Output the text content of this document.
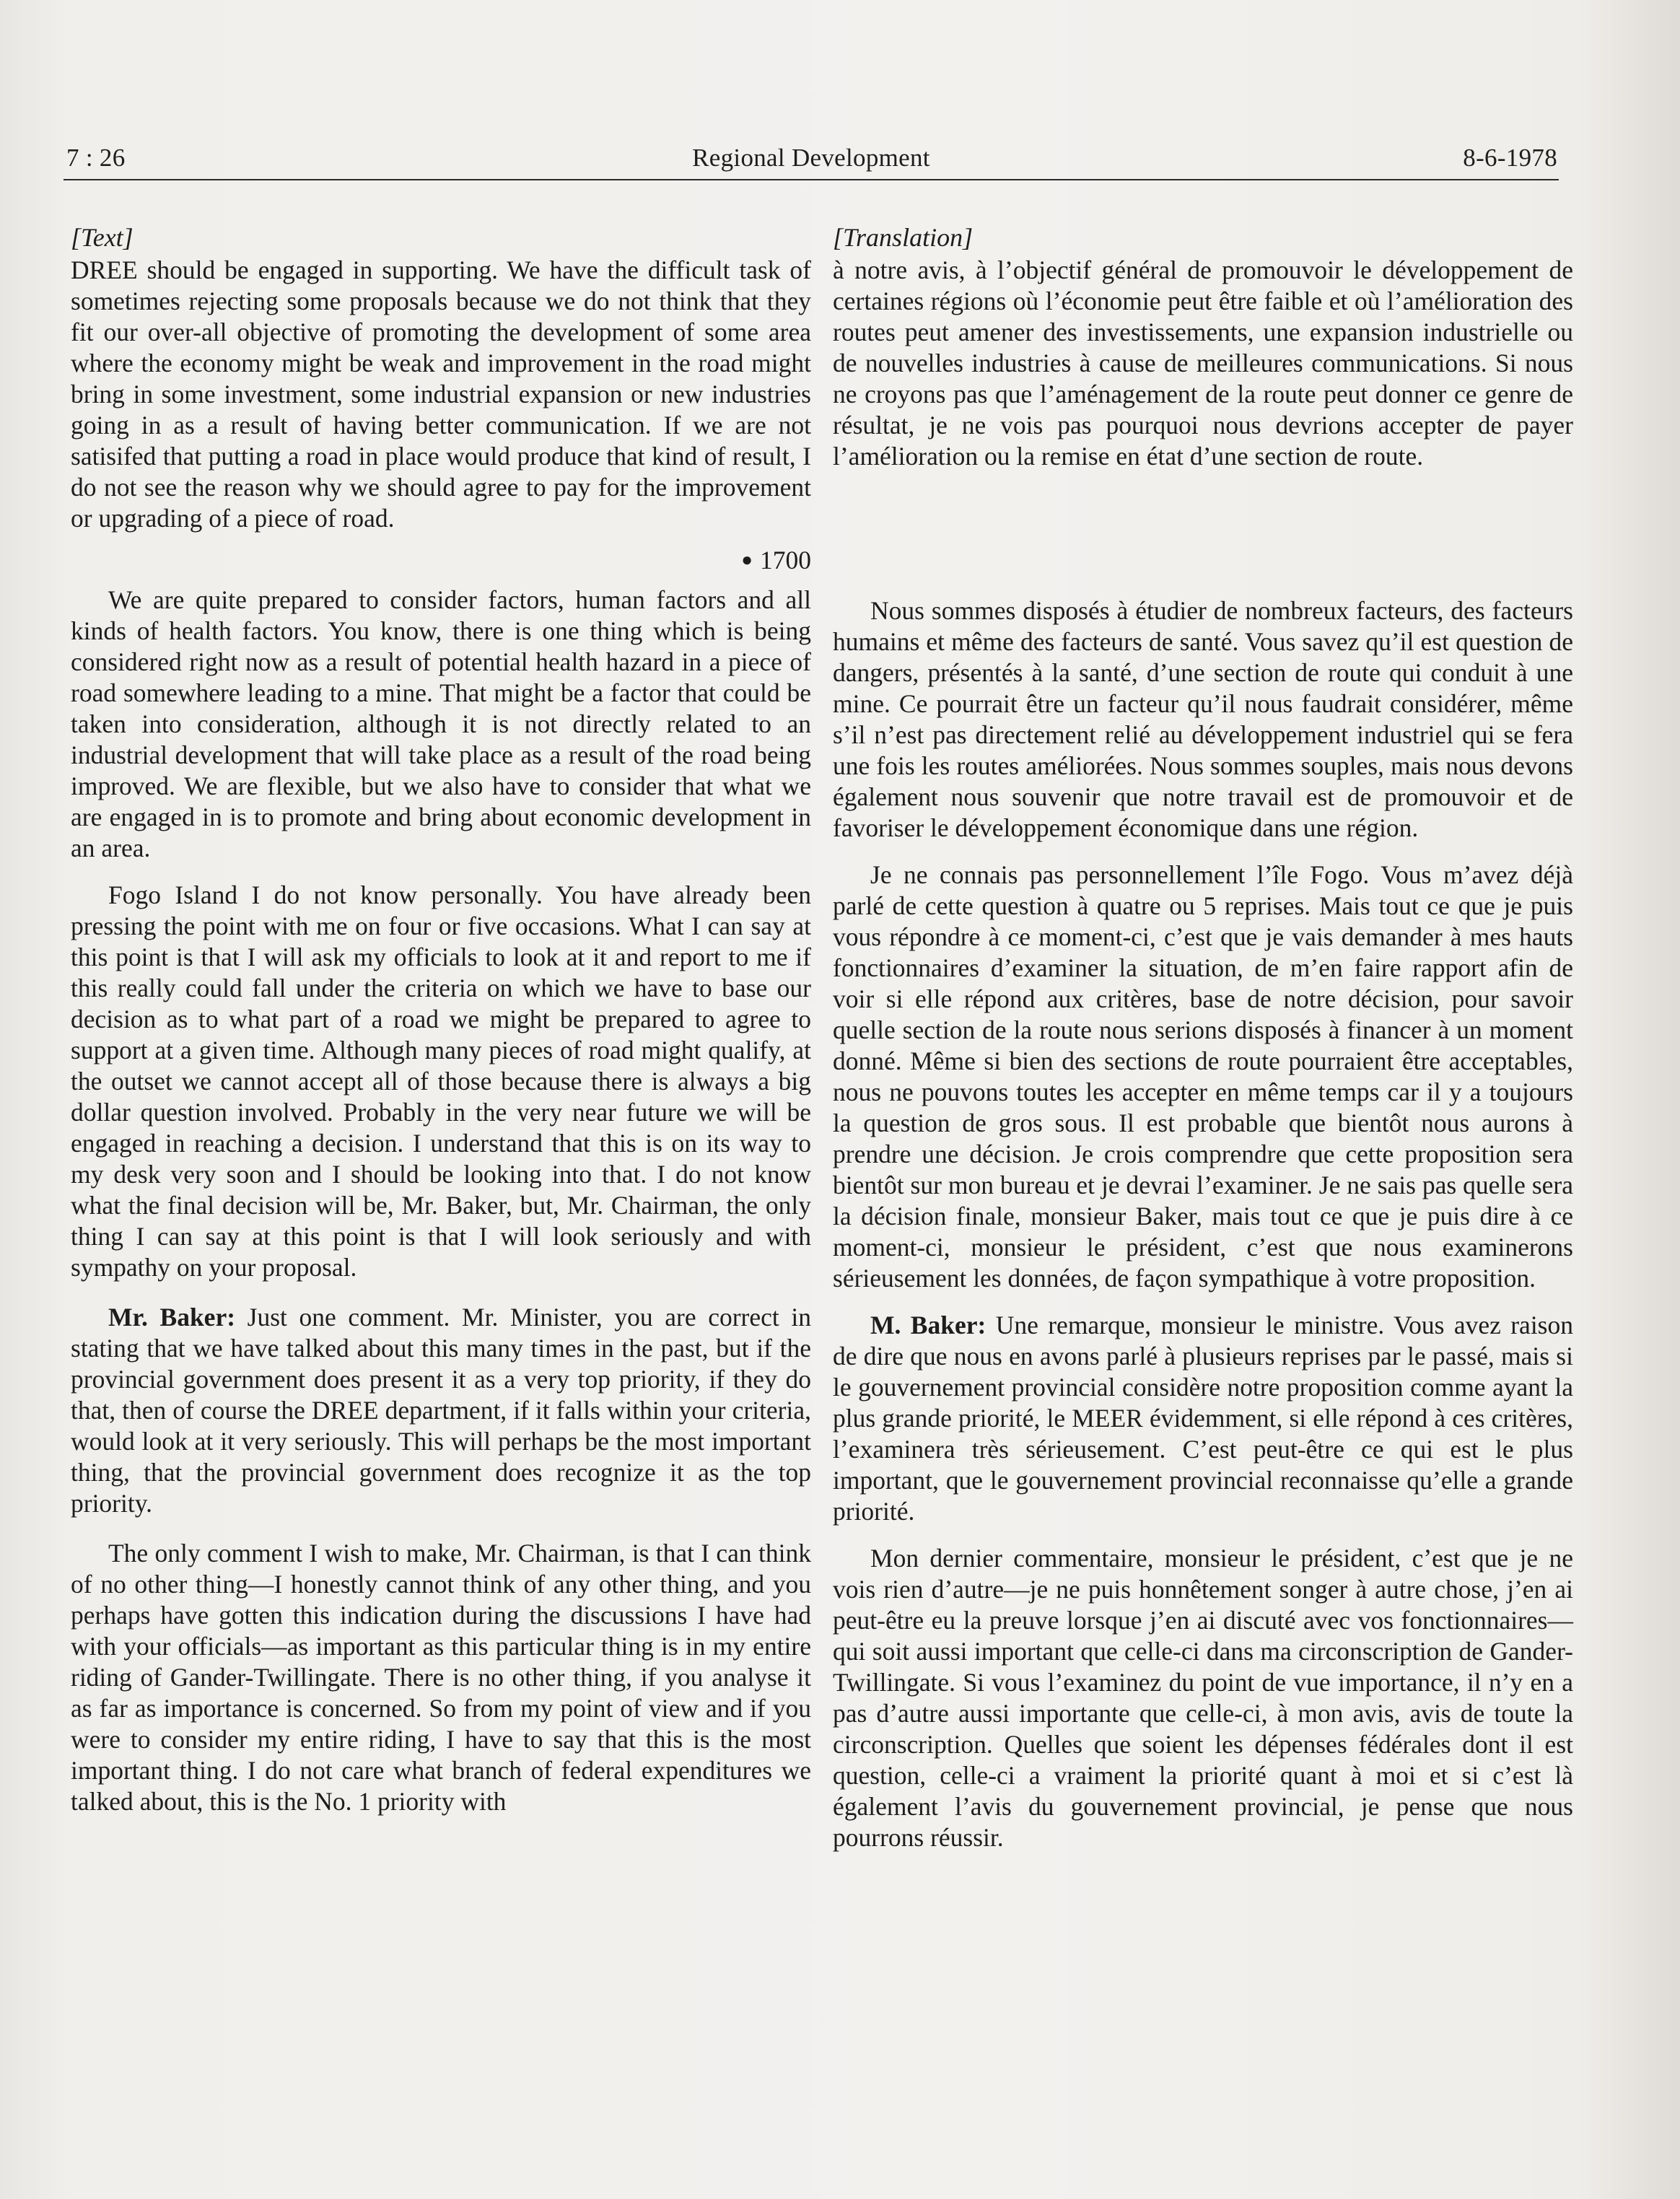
7 : 26	Regional Development	8-6-1978
[Text]

DREE should be engaged in supporting. We have the difficult task of sometimes rejecting some proposals because we do not think that they fit our over-all objective of promoting the development of some area where the economy might be weak and improvement in the road might bring in some investment, some industrial expansion or new industries going in as a result of having better communication. If we are not satisifed that putting a road in place would produce that kind of result, I do not see the reason why we should agree to pay for the improvement or upgrading of a piece of road.

● 1700

We are quite prepared to consider factors, human factors and all kinds of health factors. You know, there is one thing which is being considered right now as a result of potential health hazard in a piece of road somewhere leading to a mine. That might be a factor that could be taken into consideration, although it is not directly related to an industrial development that will take place as a result of the road being improved. We are flexible, but we also have to consider that what we are engaged in is to promote and bring about economic development in an area.

Fogo Island I do not know personally. You have already been pressing the point with me on four or five occasions. What I can say at this point is that I will ask my officials to look at it and report to me if this really could fall under the criteria on which we have to base our decision as to what part of a road we might be prepared to agree to support at a given time. Although many pieces of road might qualify, at the outset we cannot accept all of those because there is always a big dollar question involved. Probably in the very near future we will be engaged in reaching a decision. I understand that this is on its way to my desk very soon and I should be looking into that. I do not know what the final decision will be, Mr. Baker, but, Mr. Chairman, the only thing I can say at this point is that I will look seriously and with sympathy on your proposal.

Mr. Baker: Just one comment. Mr. Minister, you are correct in stating that we have talked about this many times in the past, but if the provincial government does present it as a very top priority, if they do that, then of course the DREE department, if it falls within your criteria, would look at it very seriously. This will perhaps be the most important thing, that the provincial government does recognize it as the top priority.

The only comment I wish to make, Mr. Chairman, is that I can think of no other thing—I honestly cannot think of any other thing, and you perhaps have gotten this indication during the discussions I have had with your officials—as important as this particular thing is in my entire riding of Gander-Twillingate. There is no other thing, if you analyse it as far as importance is concerned. So from my point of view and if you were to consider my entire riding, I have to say that this is the most important thing. I do not care what branch of federal expenditures we talked about, this is the No. 1 priority with

[Translation]

à notre avis, à l’objectif général de promouvoir le développement de certaines régions où l’économie peut être faible et où l’amélioration des routes peut amener des investissements, une expansion industrielle ou de nouvelles industries à cause de meilleures communications. Si nous ne croyons pas que l’aménagement de la route peut donner ce genre de résultat, je ne vois pas pourquoi nous devrions accepter de payer l’amélioration ou la remise en état d’une section de route.

Nous sommes disposés à étudier de nombreux facteurs, des facteurs humains et même des facteurs de santé. Vous savez qu’il est question de dangers, présentés à la santé, d’une section de route qui conduit à une mine. Ce pourrait être un facteur qu’il nous faudrait considérer, même s’il n’est pas directement relié au développement industriel qui se fera une fois les routes améliorées. Nous sommes souples, mais nous devons également nous souvenir que notre travail est de promouvoir et de favoriser le développement économique dans une région.

Je ne connais pas personnellement l’île Fogo. Vous m’avez déjà parlé de cette question à quatre ou 5 reprises. Mais tout ce que je puis vous répondre à ce moment-ci, c’est que je vais demander à mes hauts fonctionnaires d’examiner la situation, de m’en faire rapport afin de voir si elle répond aux critères, base de notre décision, pour savoir quelle section de la route nous serions disposés à financer à un moment donné. Même si bien des sections de route pourraient être acceptables, nous ne pouvons toutes les accepter en même temps car il y a toujours la question de gros sous. Il est probable que bientôt nous aurons à prendre une décision. Je crois comprendre que cette proposition sera bientôt sur mon bureau et je devrai l’examiner. Je ne sais pas quelle sera la décision finale, monsieur Baker, mais tout ce que je puis dire à ce moment-ci, monsieur le président, c’est que nous examinerons sérieusement les données, de façon sympathique à votre proposition.

M. Baker: Une remarque, monsieur le ministre. Vous avez raison de dire que nous en avons parlé à plusieurs reprises par le passé, mais si le gouvernement provincial considère notre proposition comme ayant la plus grande priorité, le MEER évidemment, si elle répond à ces critères, l’examinera très sérieusement. C’est peut-être ce qui est le plus important, que le gouvernement provincial reconnaisse qu’elle a grande priorité.

Mon dernier commentaire, monsieur le président, c’est que je ne vois rien d’autre—je ne puis honnêtement songer à autre chose, j’en ai peut-être eu la preuve lorsque j’en ai discuté avec vos fonctionnaires—qui soit aussi important que celle-ci dans ma circonscription de Gander-Twillingate. Si vous l’examinez du point de vue importance, il n’y en a pas d’autre aussi importante que celle-ci, à mon avis, avis de toute la circonscription. Quelles que soient les dépenses fédérales dont il est question, celle-ci a vraiment la priorité quant à moi et si c’est là également l’avis du gouvernement provincial, je pense que nous pourrons réussir.
